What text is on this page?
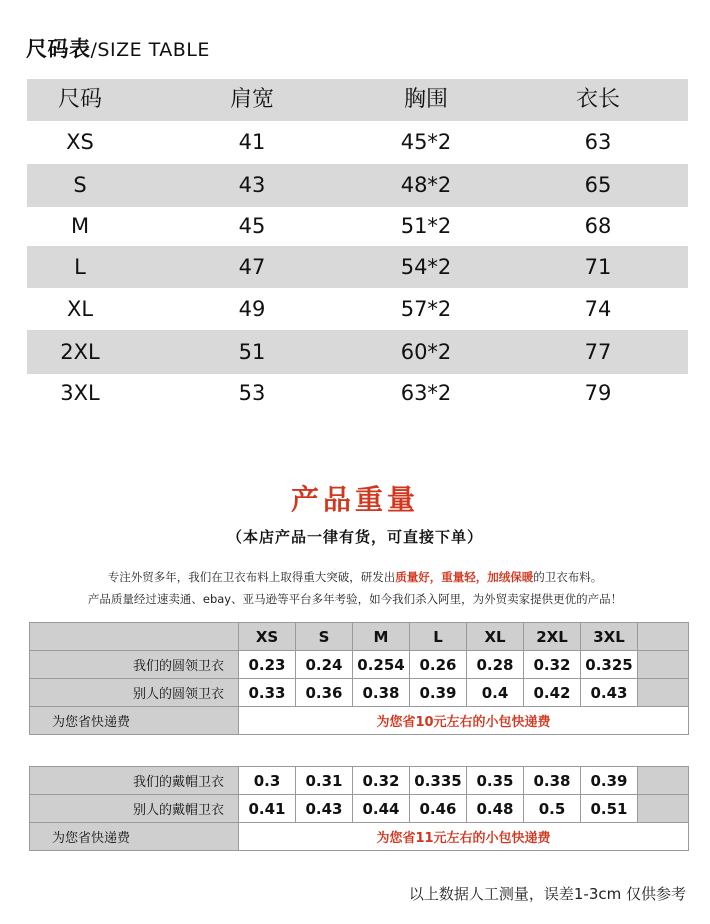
尺码表/SIZE TABLE
尺码	肩宽	胸围	衣长
XS	41	45*2	63
S	43	48*2	65
M	45	51*2	68
L	47	54*2	71
XL	49	57*2	74
2XL	51	60*2	77
3XL	53	63*2	79
产品重量
（本店产品一律有货，可直接下单）
专注外贸多年，我们在卫衣布料上取得重大突破，研发出质量好，重量轻，加绒保暖的卫衣布料。
产品质量经过速卖通、ebay、亚马逊等平台多年考验，如今我们杀入阿里，为外贸卖家提供更优的产品！
	XS	S	M	L	XL	2XL	3XL	
我们的圆领卫衣	0.23	0.24	0.254	0.26	0.28	0.32	0.325	
别人的圆领卫衣	0.33	0.36	0.38	0.39	0.4	0.42	0.43	
为您省快递费	为您省10元左右的小包快递费							
我们的戴帽卫衣	0.3	0.31	0.32	0.335	0.35	0.38	0.39	
别人的戴帽卫衣	0.41	0.43	0.44	0.46	0.48	0.5	0.51	
为您省快递费	为您省11元左右的小包快递费							
以上数据人工测量，误差1-3cm 仅供参考
